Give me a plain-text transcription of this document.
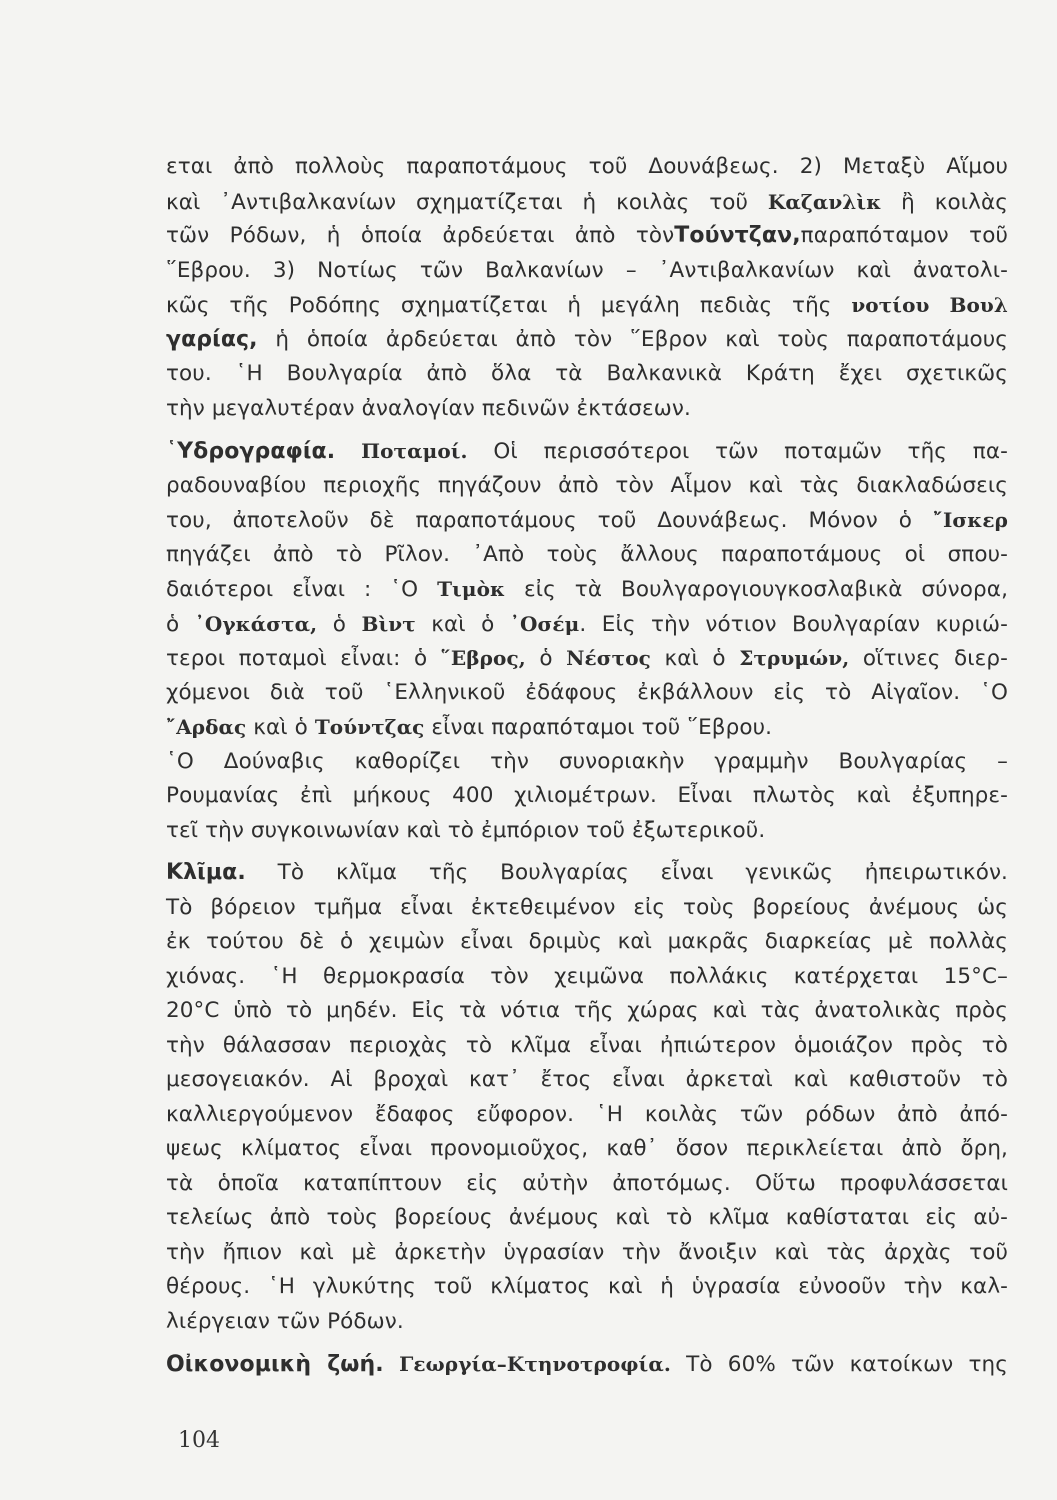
εται ἀπὸ πολλοὺς παραποτάμους τοῦ Δουνάβεως. 2) Μεταξὺ Αἵμου
καὶ ᾽Αντιβαλκανίων σχηματίζεται ἡ κοιλὰς τοῦ Καζανλὶκ ἢ κοιλὰς
τῶν Ρόδων, ἡ ὁποία ἀρδεύεται ἀπὸ τὸνΤούντζαν,παραπόταμον τοῦ
῞Εβρου. 3) Νοτίως τῶν Βαλκανίων – ᾽Αντιβαλκανίων καὶ ἀνατολι-
κῶς τῆς Ροδόπης σχηματίζεται ἡ μεγάλη πεδιὰς τῆς νοτίου Βουλ
γαρίας, ἡ ὁποία ἀρδεύεται ἀπὸ τὸν ῞Εβρον καὶ τοὺς παραποτάμους
του. ῾Η Βουλγαρία ἀπὸ ὅλα τὰ Βαλκανικὰ Κράτη ἔχει σχετικῶς
τὴν μεγαλυτέραν ἀναλογίαν πεδινῶν ἐκτάσεων.
῾Υδρογραφία. Ποταμοί. Οἱ περισσότεροι τῶν ποταμῶν τῆς πα-
ραδουναβίου περιοχῆς πηγάζουν ἀπὸ τὸν Αἷμον καὶ τὰς διακλαδώσεις
του, ἀποτελοῦν δὲ παραποτάμους τοῦ Δουνάβεως. Μόνον ὁ ῎Ισκερ
πηγάζει ἀπὸ τὸ Ρῖλον. ᾽Απὸ τοὺς ἄλλους παραποτάμους οἱ σπου-
δαιότεροι εἶναι : ῾Ο Τιμὸκ εἰς τὰ Βουλγαρογιουγκοσλαβικὰ σύνορα,
ὁ ᾽Ογκάστα, ὁ Βὶντ καὶ ὁ ᾽Οσέμ. Εἰς τὴν νότιον Βουλγαρίαν κυριώ-
τεροι ποταμοὶ εἶναι: ὁ ῞Εβρος, ὁ Νέστος καὶ ὁ Στρυμών, οἵτινες διερ-
χόμενοι διὰ τοῦ ῾Ελληνικοῦ ἐδάφους ἐκβάλλουν εἰς τὸ Αἰγαῖον. ῾Ο
῎Αρδας καὶ ὁ Τούντζας εἶναι παραπόταμοι τοῦ ῞Εβρου.
῾Ο Δούναβις καθορίζει τὴν συνοριακὴν γραμμὴν Βουλγαρίας –
Ρουμανίας ἐπὶ μήκους 400 χιλιομέτρων. Εἶναι πλωτὸς καὶ ἐξυπηρε-
τεῖ τὴν συγκοινωνίαν καὶ τὸ ἐμπόριον τοῦ ἐξωτερικοῦ.
Κλῖμα. Τὸ κλῖμα τῆς Βουλγαρίας εἶναι γενικῶς ἠπειρωτικόν.
Τὸ βόρειον τμῆμα εἶναι ἐκτεθειμένον εἰς τοὺς βορείους ἀνέμους ὡς
ἐκ τούτου δὲ ὁ χειμὼν εἶναι δριμὺς καὶ μακρᾶς διαρκείας μὲ πολλὰς
χιόνας. ῾Η θερμοκρασία τὸν χειμῶνα πολλάκις κατέρχεται 15°C–
20°C ὑπὸ τὸ μηδέν. Εἰς τὰ νότια τῆς χώρας καὶ τὰς ἀνατολικὰς πρὸς
τὴν θάλασσαν περιοχὰς τὸ κλῖμα εἶναι ἠπιώτερον ὁμοιάζον πρὸς τὸ
μεσογειακόν. Αἱ βροχαὶ κατ᾽ ἔτος εἶναι ἀρκεταὶ καὶ καθιστοῦν τὸ
καλλιεργούμενον ἔδαφος εὔφορον. ῾Η κοιλὰς τῶν ρόδων ἀπὸ ἀπό-
ψεως κλίματος εἶναι προνομιοῦχος, καθ᾽ ὅσον περικλείεται ἀπὸ ὄρη,
τὰ ὁποῖα καταπίπτουν εἰς αὐτὴν ἀποτόμως. Οὕτω προφυλάσσεται
τελείως ἀπὸ τοὺς βορείους ἀνέμους καὶ τὸ κλῖμα καθίσταται εἰς αὐ-
τὴν ἤπιον καὶ μὲ ἀρκετὴν ὑγρασίαν τὴν ἄνοιξιν καὶ τὰς ἀρχὰς τοῦ
θέρους. ῾Η γλυκύτης τοῦ κλίματος καὶ ἡ ὑγρασία εὐνοοῦν τὴν καλ-
λιέργειαν τῶν Ρόδων.
Οἰκονομικὴ ζωή. Γεωργία–Κτηνοτροφία. Τὸ 60% τῶν κατοίκων της
104
